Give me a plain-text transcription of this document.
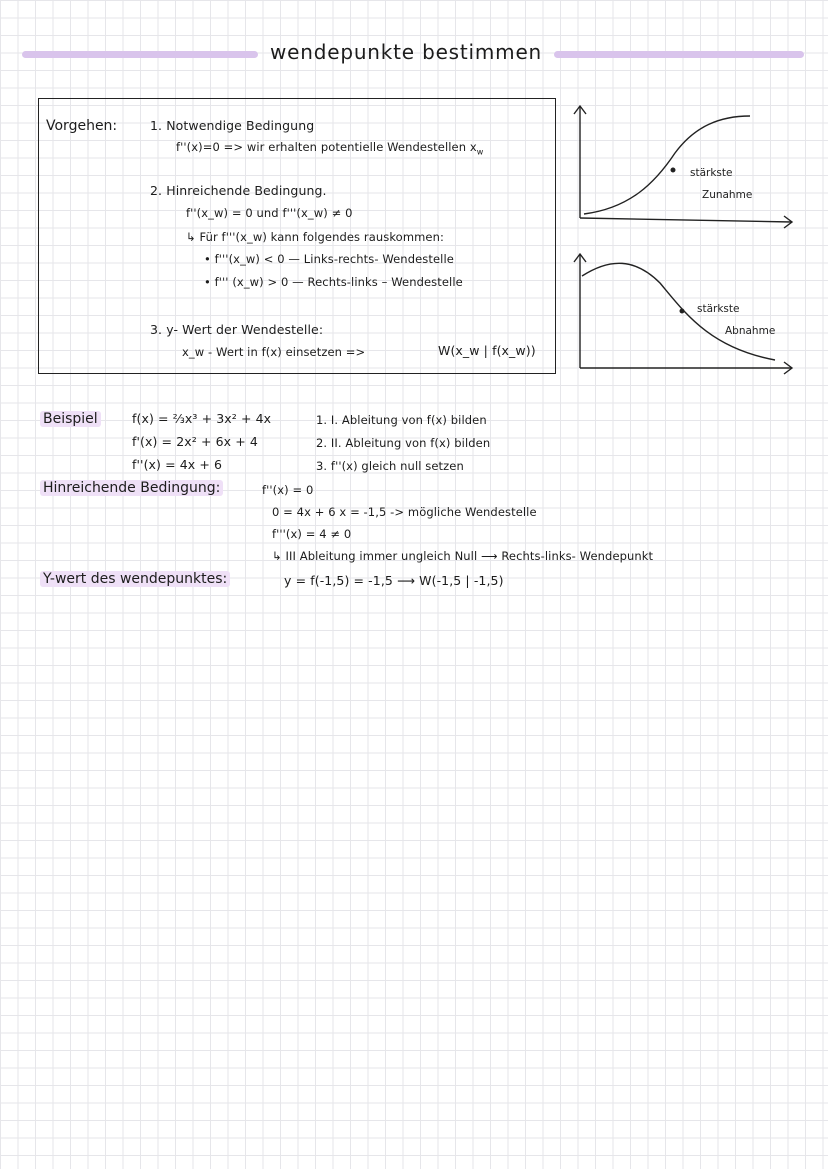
wendepunkte bestimmen
Vorgehen:	1. Notwendige Bedingung
f''(x)=0 => wir erhalten potentielle Wendestellen $x_w$
2. Hinreichende Bedingung.
f''(x_w) = 0 und f'''(x_w) ≠ 0
↳ Für f'''(x_w) kann folgendes rauskommen:
• f'''(x_w) < 0 — Links-rechts- Wendestelle
• f''' (x_w) > 0 — Rechts-links – Wendestelle
3. y- Wert der Wendestelle:
x_w - Wert in f(x) einsetzen =>	W(x_w | f(x_w))
stärkste
Zunahme
stärkste
Abnahme
Beispiel	f(x) = ⅔x³ + 3x² + 4x
f'(x) = 2x² + 6x + 4
f''(x) = 4x + 6
1. I. Ableitung von f(x) bilden
2. II. Ableitung von f(x) bilden
3. f''(x) gleich null setzen
Hinreichende Bedingung:	f''(x) = 0
0 = 4x + 6 x = -1,5 -> mögliche Wendestelle
f'''(x) = 4 ≠ 0
↳ III Ableitung immer ungleich Null ⟶ Rechts-links- Wendepunkt
Y-wert des wendepunktes:	y = f(-1,5) = -1,5 ⟶ W(-1,5 | -1,5)
